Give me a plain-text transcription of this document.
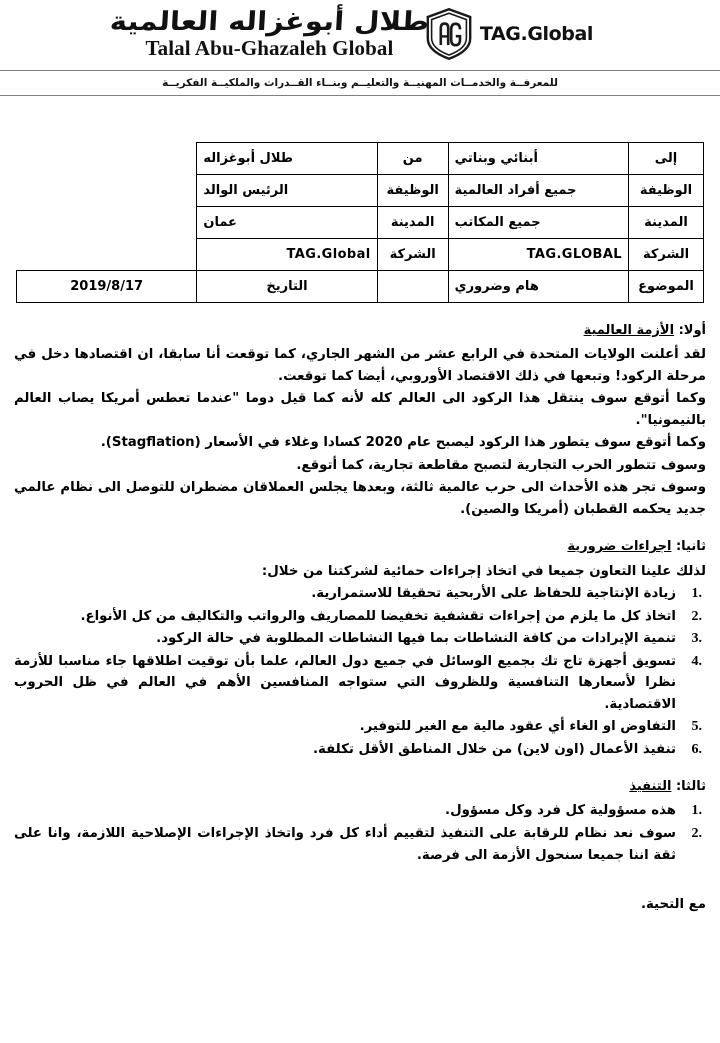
طلال أبوغزاله العالمية
Talal Abu-Ghazaleh Global
TAG.Global
للمعرفــة والخدمــات المهنيــة والتعليــم وبنــاء القــدرات والملكيــة الفكريــة
إلى	أبنائي وبناتي	من	طلال أبوغزاله	
الوظيفة	جميع أفراد العالمية	الوظيفة	الرئيس الوالد	
المدينة	جميع المكاتب	المدينة	عمان	
الشركة	TAG.GLOBAL	الشركة	TAG.Global	
الموضوع	هام وضروري		التاريخ	2019/8/17
أولا: الأزمة العالمية

لقد أعلنت الولايات المتحدة في الرابع عشر من الشهر الجاري، كما توقعت أنا سابقا، ان اقتصادها دخل في مرحلة الركود! وتبعها في ذلك الاقتصاد الأوروبي، أيضا كما توقعت.

وكما أتوقع سوف ينتقل هذا الركود الى العالم كله لأنه كما قيل دوما "عندما تعطس أمريكا يصاب العالم بالنيمونيا".

وكما أتوقع سوف يتطور هذا الركود ليصبح عام 2020 كسادا وغلاء في الأسعار (Stagflation).

وسوف تتطور الحرب التجارية لتصبح مقاطعة تجارية، كما أتوقع.

وسوف تجر هذه الأحداث الى حرب عالمية ثالثة، وبعدها يجلس العملاقان مضطران للتوصل الى نظام عالمي جديد يحكمه القطبان (أمريكا والصين).

ثانيا: اجراءات ضرورية

لذلك علينا التعاون جميعا في اتخاذ إجراءات حمائية لشركتنا من خلال:

زيادة الإنتاجية للحفاظ على الأربحية تحقيقا للاستمرارية.
اتخاذ كل ما يلزم من إجراءات تقشفية تخفيضا للمصاريف والرواتب والتكاليف من كل الأنواع.
تنمية الإيرادات من كافة النشاطات بما فيها النشاطات المطلوبة في حالة الركود.
تسويق أجهزة تاج تك بجميع الوسائل في جميع دول العالم، علما بأن توقيت اطلاقها جاء مناسبا للأزمة نظرا لأسعارها التنافسية وللظروف التي ستواجه المنافسين الأهم في العالم في ظل الحروب الاقتصادية.
التفاوض او الغاء أي عقود مالية مع الغير للتوفير.
تنفيذ الأعمال (اون لاين) من خلال المناطق الأقل تكلفة.
ثالثا: التنفيذ
هذه مسؤولية كل فرد وكل مسؤول.
سوف نعد نظام للرقابة على التنفيذ لتقييم أداء كل فرد واتخاذ الإجراءات الإصلاحية اللازمة، وانا على ثقة اننا جميعا سنحول الأزمة الى فرصة.
مع التحية.
